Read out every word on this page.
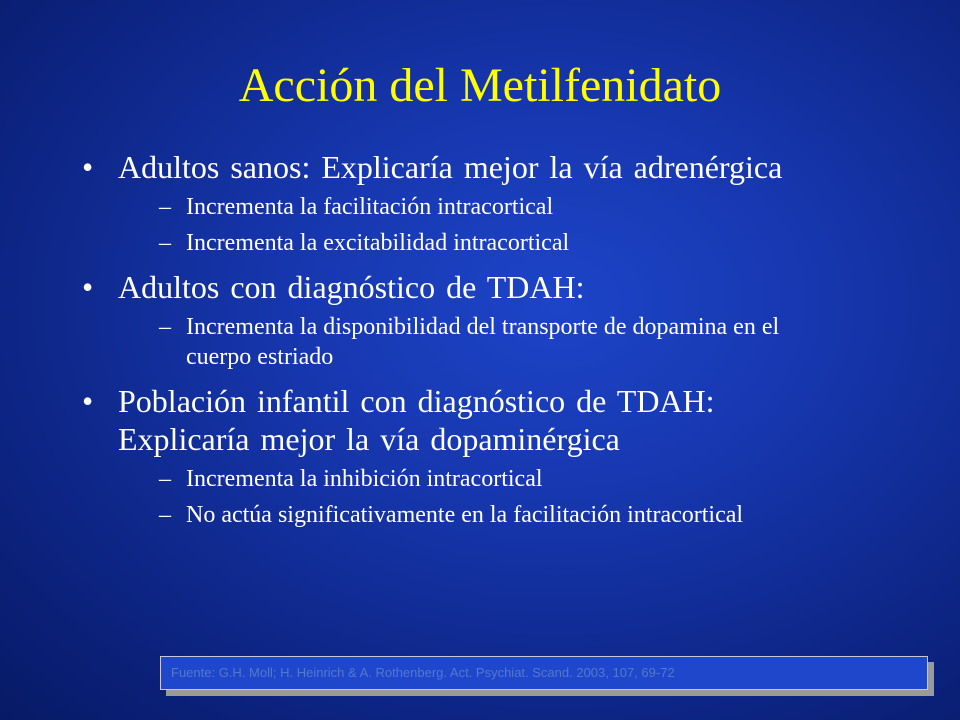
Acción del Metilfenidato
• Adultos sanos: Explicaría mejor la vía adrenérgica
– Incrementa la facilitación intracortical
– Incrementa la excitabilidad intracortical
• Adultos con diagnóstico de TDAH:
– Incrementa la disponibilidad del transporte de dopamina en el cuerpo estriado
• Población infantil con diagnóstico de TDAH: Explicaría mejor la vía dopaminérgica
– Incrementa la inhibición intracortical
– No actúa significativamente en la facilitación intracortical
Fuente: G.H. Moll; H. Heinrich & A. Rothenberg. Act. Psychiat. Scand. 2003, 107, 69-72
